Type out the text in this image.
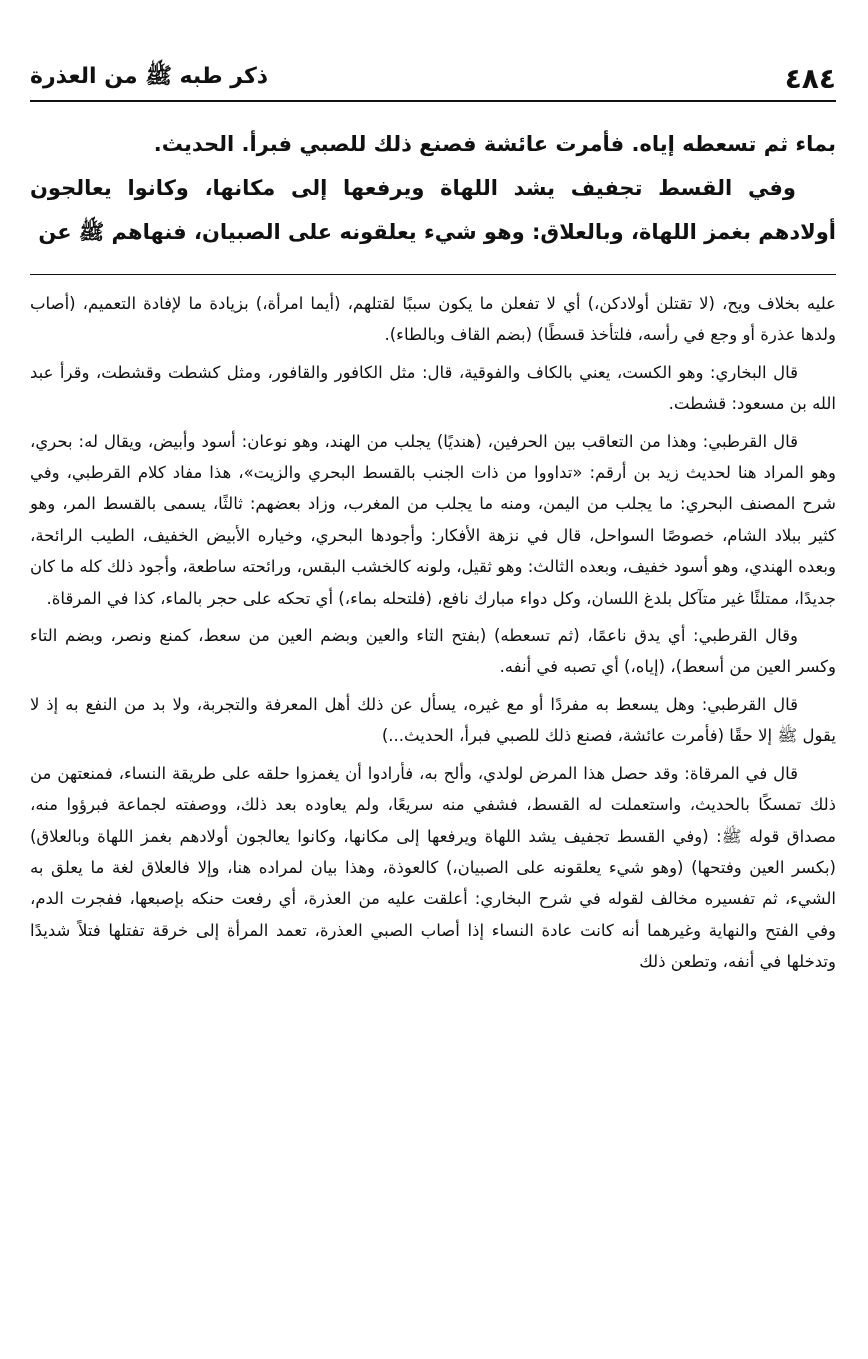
٤٨٤
ذكر طبه ﷺ من العذرة

بماء ثم تسعطه إياه. فأمرت عائشة فصنع ذلك للصبي فبرأ. الحديث.

وفي القسط تجفيف يشد اللهاة ويرفعها إلى مكانها، وكانوا يعالجون أولادهم بغمز اللهاة، وبالعلاق: وهو شيء يعلقونه على الصبيان، فنهاهم ﷺ عن

عليه بخلاف ويح، (لا تقتلن أولادكن،) أي لا تفعلن ما يكون سببًا لقتلهم، (أيما امرأة،) بزيادة ما لإفادة التعميم، (أصاب ولدها عذرة أو وجع في رأسه، فلتأخذ قسطًا) (بضم القاف وبالطاء).

قال البخاري: وهو الكست، يعني بالكاف والفوقية، قال: مثل الكافور والقافور، ومثل كشطت وقشطت، وقرأ عبد الله بن مسعود: قشطت.

قال القرطبي: وهذا من التعاقب بين الحرفين، (هنديًا) يجلب من الهند، وهو نوعان: أسود وأبيض، ويقال له: بحري، وهو المراد هنا لحديث زيد بن أرقم: «تداووا من ذات الجنب بالقسط البحري والزيت»، هذا مفاد كلام القرطبي، وفي شرح المصنف البحري: ما يجلب من اليمن، ومنه ما يجلب من المغرب، وزاد بعضهم: ثالثًا، يسمى بالقسط المر، وهو كثير ببلاد الشام، خصوصًا السواحل، قال في نزهة الأفكار: وأجودها البحري، وخياره الأبيض الخفيف، الطيب الرائحة، وبعده الهندي، وهو أسود خفيف، وبعده الثالث: وهو ثقيل، ولونه كالخشب البقس، ورائحته ساطعة، وأجود ذلك كله ما كان جديدًا، ممتلئًا غير متآكل بلدغ اللسان، وكل دواء مبارك نافع، (فلتحله بماء،) أي تحكه على حجر بالماء، كذا في المرقاة.

وقال القرطبي: أي يدق ناعمًا، (ثم تسعطه) (بفتح التاء والعين وبضم العين من سعط، كمنع ونصر، وبضم التاء وكسر العين من أسعط)، (إياه،) أي تصبه في أنفه.

قال القرطبي: وهل يسعط به مفردًا أو مع غيره، يسأل عن ذلك أهل المعرفة والتجربة، ولا بد من النفع به إذ لا يقول ﷺ إلا حقًا (فأمرت عائشة، فصنع ذلك للصبي فبرأ، الحديث...)

قال في المرقاة: وقد حصل هذا المرض لولدي، وألح به، فأرادوا أن يغمزوا حلقه على طريقة النساء، فمنعتهن من ذلك تمسكًا بالحديث، واستعملت له القسط، فشفي منه سريعًا، ولم يعاوده بعد ذلك، ووصفته لجماعة فبرؤوا منه، مصداق قوله ﷺ: (وفي القسط تجفيف يشد اللهاة ويرفعها إلى مكانها، وكانوا يعالجون أولادهم بغمز اللهاة وبالعلاق) (بكسر العين وفتحها) (وهو شيء يعلقونه على الصبيان،) كالعوذة، وهذا بيان لمراده هنا، وإلا فالعلاق لغة ما يعلق به الشيء، ثم تفسيره مخالف لقوله في شرح البخاري: أعلقت عليه من العذرة، أي رفعت حنكه بإصبعها، ففجرت الدم، وفي الفتح والنهاية وغيرهما أنه كانت عادة النساء إذا أصاب الصبي العذرة، تعمد المرأة إلى خرقة تفتلها فتلاً شديدًا وتدخلها في أنفه، وتطعن ذلك
